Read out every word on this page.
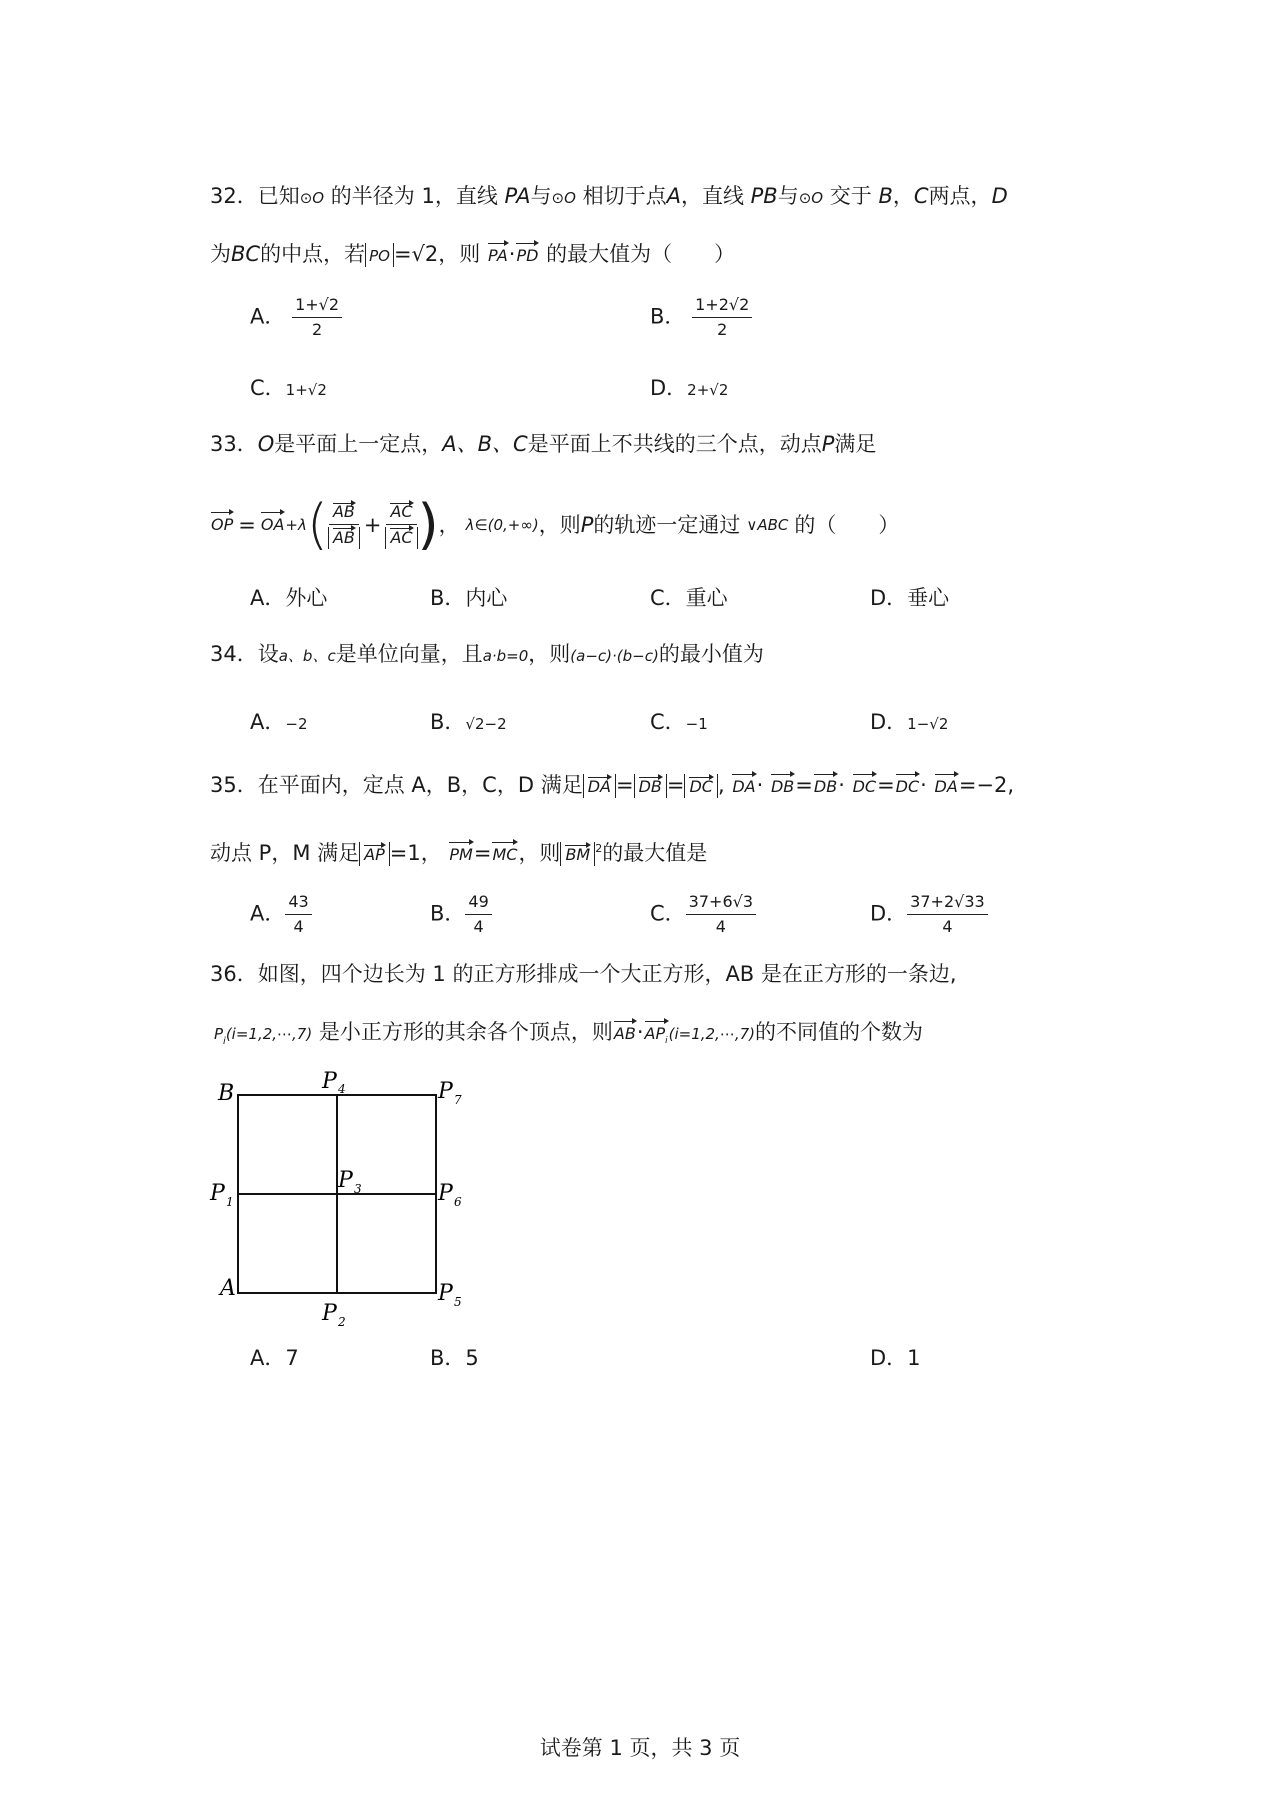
32．已知⊙O 的半径为 1，直线 PA与⊙O 相切于点A，直线 PB与⊙O 交于 B，C两点，D
为BC的中点，若 PO =√2，则 PA·PD 的最大值为（　　）
A． $\frac{1+√2}{2}$	B． $\frac{1+2√2}{2}$
C．1+√2	D．2+√2
33．O是平面上一定点，A、B、C是平面上不共线的三个点，动点P满足
OP = OA +λ ( $\frac{AB}{AB} + \frac{AC}{AC}$ ) ， λ∈(0,+∞) ，则 P 的轨迹一定通过 ∨ABC 的（　　）
A．外心	B．内心	C．重心	D．垂心
34．设a、b、c是单位向量，且a·b=0，则(a−c)·(b−c)的最小值为
A．−2	B．√2−2	C．−1	D．1−√2
35．在平面内，定点 A，B，C，D 满足 DA = DB = DC , DA· DB=DB· DC=DC· DA=−2,
动点 P，M 满足 AP =1， PM=MC，则 BM $^2$的最大值是
A． $\frac{43}{4}$	B． $\frac{49}{4}$	C． $\frac{37+6√3}{4}$	D． $\frac{37+2√33}{4}$
36．如图，四个边长为 1 的正方形排成一个大正方形，AB 是在正方形的一条边,
$P_i(i=1,2,\cdots,7)$ 是小正方形的其余各个顶点，则$AB\cdot AP_i(i=1,2,\cdots,7)$的不同值的个数为
B	P 4	P 7
P 1
P 3	P 6
A
P 2
P 5
A．7	B．5	D．1
试卷第 1 页，共 3 页
